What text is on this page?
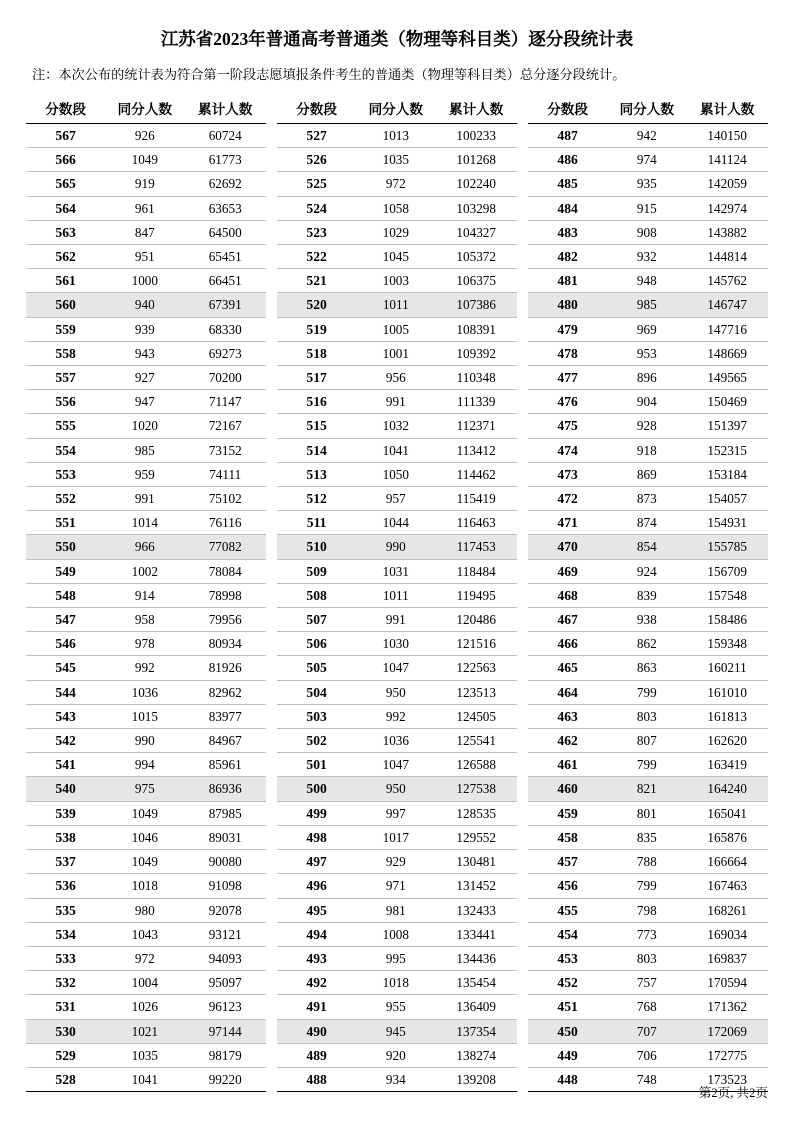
江苏省2023年普通高考普通类（物理等科目类）逐分段统计表
注：本次公布的统计表为符合第一阶段志愿填报条件考生的普通类（物理等科目类）总分逐分段统计。
分数段	同分人数	累计人数
567	926	60724
566	1049	61773
565	919	62692
564	961	63653
563	847	64500
562	951	65451
561	1000	66451
560	940	67391
559	939	68330
558	943	69273
557	927	70200
556	947	71147
555	1020	72167
554	985	73152
553	959	74111
552	991	75102
551	1014	76116
550	966	77082
549	1002	78084
548	914	78998
547	958	79956
546	978	80934
545	992	81926
544	1036	82962
543	1015	83977
542	990	84967
541	994	85961
540	975	86936
539	1049	87985
538	1046	89031
537	1049	90080
536	1018	91098
535	980	92078
534	1043	93121
533	972	94093
532	1004	95097
531	1026	96123
530	1021	97144
529	1035	98179
528	1041	99220
分数段	同分人数	累计人数
527	1013	100233
526	1035	101268
525	972	102240
524	1058	103298
523	1029	104327
522	1045	105372
521	1003	106375
520	1011	107386
519	1005	108391
518	1001	109392
517	956	110348
516	991	111339
515	1032	112371
514	1041	113412
513	1050	114462
512	957	115419
511	1044	116463
510	990	117453
509	1031	118484
508	1011	119495
507	991	120486
506	1030	121516
505	1047	122563
504	950	123513
503	992	124505
502	1036	125541
501	1047	126588
500	950	127538
499	997	128535
498	1017	129552
497	929	130481
496	971	131452
495	981	132433
494	1008	133441
493	995	134436
492	1018	135454
491	955	136409
490	945	137354
489	920	138274
488	934	139208
分数段	同分人数	累计人数
487	942	140150
486	974	141124
485	935	142059
484	915	142974
483	908	143882
482	932	144814
481	948	145762
480	985	146747
479	969	147716
478	953	148669
477	896	149565
476	904	150469
475	928	151397
474	918	152315
473	869	153184
472	873	154057
471	874	154931
470	854	155785
469	924	156709
468	839	157548
467	938	158486
466	862	159348
465	863	160211
464	799	161010
463	803	161813
462	807	162620
461	799	163419
460	821	164240
459	801	165041
458	835	165876
457	788	166664
456	799	167463
455	798	168261
454	773	169034
453	803	169837
452	757	170594
451	768	171362
450	707	172069
449	706	172775
448	748	173523
第2页, 共2页
